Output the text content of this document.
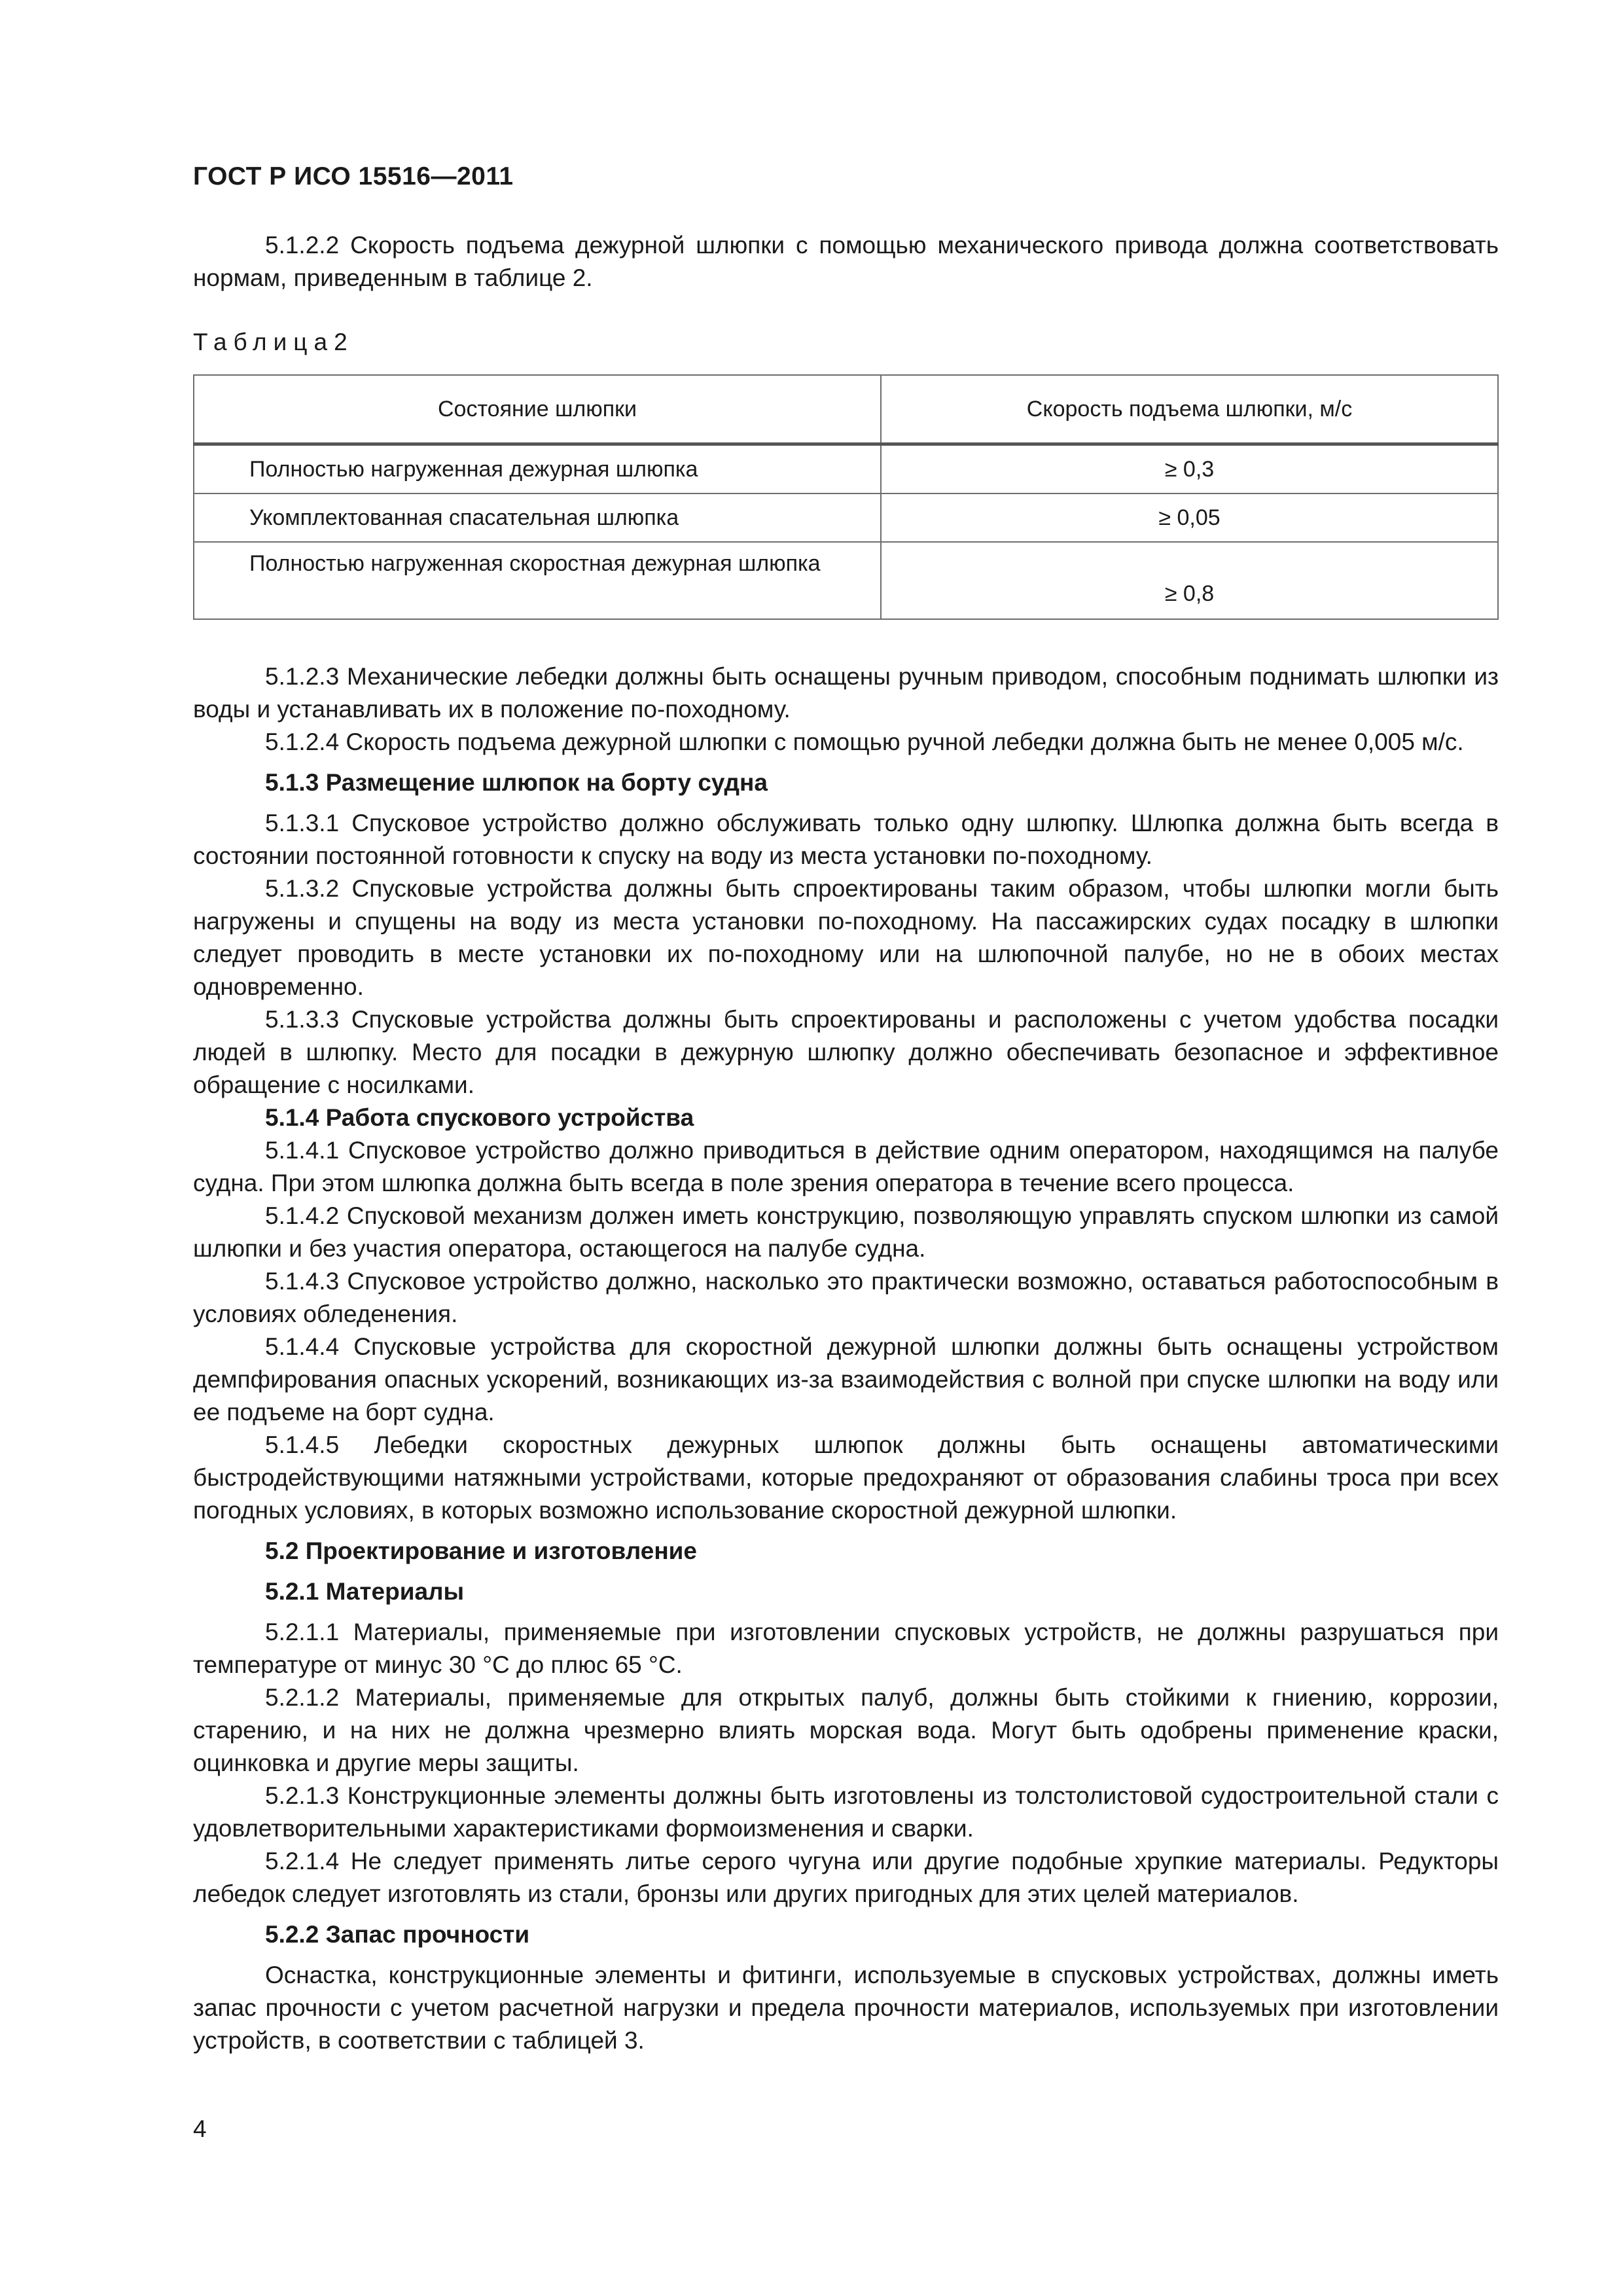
ГОСТ Р ИСО 15516—2011

5.1.2.2 Скорость подъема дежурной шлюпки с помощью механического привода должна соответствовать нормам, приведенным в таблице 2.

Таблица2

Состояние шлюпки	Скорость подъема шлюпки, м/с
Полностью нагруженная дежурная шлюпка	≥ 0,3
Укомплектованная спасательная шлюпка	≥ 0,05
Полностью нагруженная скоростная дежурная шлюпка	≥ 0,8

5.1.2.3 Механические лебедки должны быть оснащены ручным приводом, способным поднимать шлюпки из воды и устанавливать их в положение по-походному.

5.1.2.4 Скорость подъема дежурной шлюпки с помощью ручной лебедки должна быть не менее 0,005 м/с.

5.1.3 Размещение шлюпок на борту судна

5.1.3.1 Спусковое устройство должно обслуживать только одну шлюпку. Шлюпка должна быть всегда в состоянии постоянной готовности к спуску на воду из места установки по-походному.

5.1.3.2 Спусковые устройства должны быть спроектированы таким образом, чтобы шлюпки могли быть нагружены и спущены на воду из места установки по-походному. На пассажирских судах посадку в шлюпки следует проводить в месте установки их по-походному или на шлюпочной палубе, но не в обоих местах одновременно.

5.1.3.3 Спусковые устройства должны быть спроектированы и расположены с учетом удобства посадки людей в шлюпку. Место для посадки в дежурную шлюпку должно обеспечивать безопасное и эффективное обращение с носилками.

5.1.4 Работа спускового устройства

5.1.4.1 Спусковое устройство должно приводиться в действие одним оператором, находящимся на палубе судна. При этом шлюпка должна быть всегда в поле зрения оператора в течение всего процесса.

5.1.4.2 Спусковой механизм должен иметь конструкцию, позволяющую управлять спуском шлюпки из самой шлюпки и без участия оператора, остающегося на палубе судна.

5.1.4.3 Спусковое устройство должно, насколько это практически возможно, оставаться работоспособным в условиях обледенения.

5.1.4.4 Спусковые устройства для скоростной дежурной шлюпки должны быть оснащены устройством демпфирования опасных ускорений, возникающих из-за взаимодействия с волной при спуске шлюпки на воду или ее подъеме на борт судна.

5.1.4.5 Лебедки скоростных дежурных шлюпок должны быть оснащены автоматическими быстродействующими натяжными устройствами, которые предохраняют от образования слабины троса при всех погодных условиях, в которых возможно использование скоростной дежурной шлюпки.

5.2 Проектирование и изготовление

5.2.1 Материалы

5.2.1.1 Материалы, применяемые при изготовлении спусковых устройств, не должны разрушаться при температуре от минус 30 °С до плюс 65 °С.

5.2.1.2 Материалы, применяемые для открытых палуб, должны быть стойкими к гниению, коррозии, старению, и на них не должна чрезмерно влиять морская вода. Могут быть одобрены применение краски, оцинковка и другие меры защиты.

5.2.1.3 Конструкционные элементы должны быть изготовлены из толстолистовой судостроительной стали с удовлетворительными характеристиками формоизменения и сварки.

5.2.1.4 Не следует применять литье серого чугуна или другие подобные хрупкие материалы. Редукторы лебедок следует изготовлять из стали, бронзы или других пригодных для этих целей материалов.

5.2.2 Запас прочности

Оснастка, конструкционные элементы и фитинги, используемые в спусковых устройствах, должны иметь запас прочности с учетом расчетной нагрузки и предела прочности материалов, используемых при изготовлении устройств, в соответствии с таблицей 3.

4
